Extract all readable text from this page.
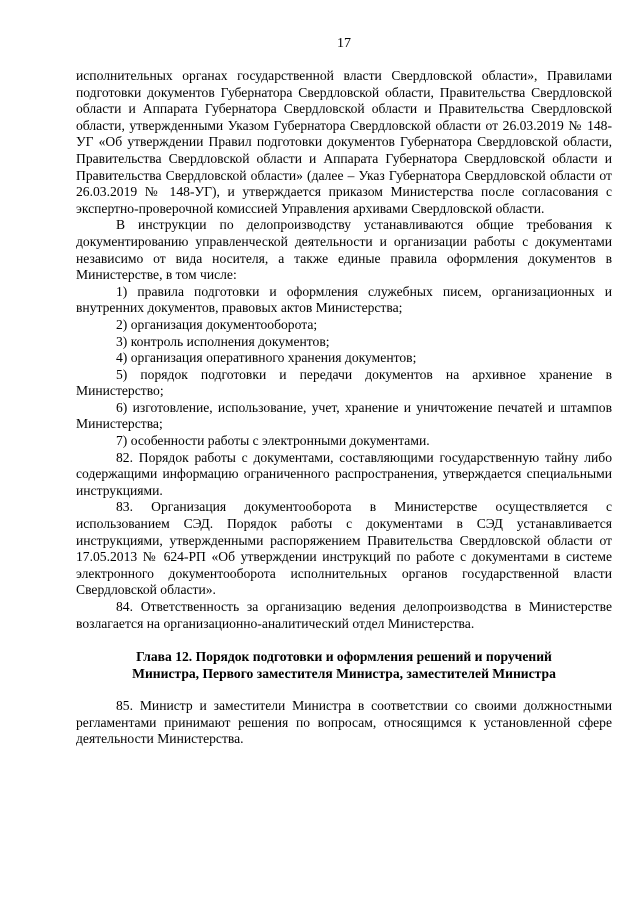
17

исполнительных органах государственной власти Свердловской области», Правилами подготовки документов Губернатора Свердловской области, Правительства Свердловской области и Аппарата Губернатора Свердловской области и Правительства Свердловской области, утвержденными Указом Губернатора Свердловской области от 26.03.2019 № 148-УГ «Об утверждении Правил подготовки документов Губернатора Свердловской области, Правительства Свердловской области и Аппарата Губернатора Свердловской области и Правительства Свердловской области» (далее – Указ Губернатора Свердловской области от 26.03.2019 № 148-УГ), и утверждается приказом Министерства после согласования с экспертно-проверочной комиссией Управления архивами Свердловской области.

В инструкции по делопроизводству устанавливаются общие требования к документированию управленческой деятельности и организации работы с документами независимо от вида носителя, а также единые правила оформления документов в Министерстве, в том числе:

1) правила подготовки и оформления служебных писем, организационных и внутренних документов, правовых актов Министерства;

2) организация документооборота;

3) контроль исполнения документов;

4) организация оперативного хранения документов;

5) порядок подготовки и передачи документов на архивное хранение в Министерство;

6) изготовление, использование, учет, хранение и уничтожение печатей и штампов Министерства;

7) особенности работы с электронными документами.

82. Порядок работы с документами, составляющими государственную тайну либо содержащими информацию ограниченного распространения, утверждается специальными инструкциями.

83. Организация документооборота в Министерстве осуществляется с использованием СЭД. Порядок работы с документами в СЭД устанавливается инструкциями, утвержденными распоряжением Правительства Свердловской области от 17.05.2013 № 624-РП «Об утверждении инструкций по работе с документами в системе электронного документооборота исполнительных органов государственной власти Свердловской области».

84. Ответственность за организацию ведения делопроизводства в Министерстве возлагается на организационно-аналитический отдел Министерства.

Глава 12. Порядок подготовки и оформления решений и поручений
Министра, Первого заместителя Министра, заместителей Министра

85. Министр и заместители Министра в соответствии со своими должностными регламентами принимают решения по вопросам, относящимся к установленной сфере деятельности Министерства.
